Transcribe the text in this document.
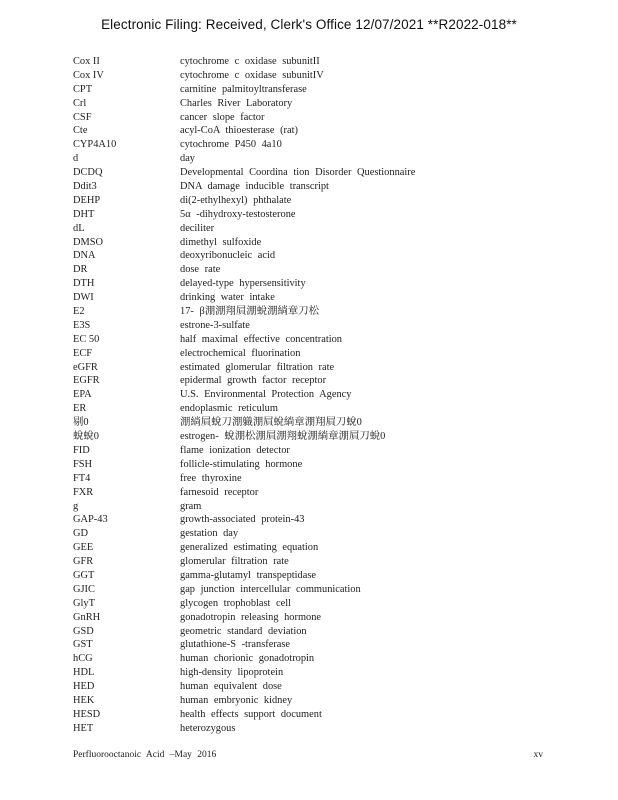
Electronic Filing: Received, Clerk's Office 12/07/2021 **R2022-018**
Cox II	cytochrome c oxidase subunitII
Cox IV	cytochrome c oxidase subunitIV
CPT	carnitine palmitoyltransferase
Crl	Charles River Laboratory
CSF	cancer slope factor
Cte	acyl-CoA thioesterase (rat)
CYP4A10	cytochrome P450 4a10
d	day
DCDQ	Developmental Coordina tion Disorder Questionnaire
Ddit3	DNA damage inducible transcript
DEHP	di(2-ethylhexyl) phthalate
DHT	5α -dihydroxy-testosterone
dL	deciliter
DMSO	dimethyl sulfoxide
DNA	deoxyribonucleic acid
DR	dose rate
DTH	delayed-type hypersensitivity
DWI	drinking water intake
E2	17- β淜淜翔屓淜蛻淜緔章刀松
E3S	estrone-3-sulfate
EC 50	half maximal effective concentration
ECF	electrochemical fluorination
eGFR	estimated glomerular filtration rate
EGFR	epidermal growth factor receptor
EPA	U.S. Environmental Protection Agency
ER	endoplasmic reticulum
剔0	淜緔屓蛻刀淜軄淜屓蛻緔章淜翔屓刀蛻0
蛻蛻0	estrogen- 蛻淜松淜屓淜翔蛻淜緔章淜屓刀蛻0
FID	flame ionization detector
FSH	follicle-stimulating hormone
FT4	free thyroxine
FXR	farnesoid receptor
g	gram
GAP-43	growth-associated protein-43
GD	gestation day
GEE	generalized estimating equation
GFR	glomerular filtration rate
GGT	gamma-glutamyl transpeptidase
GJIC	gap junction intercellular communication
GlyT	glycogen trophoblast cell
GnRH	gonadotropin releasing hormone
GSD	geometric standard deviation
GST	glutathione-S -transferase
hCG	human chorionic gonadotropin
HDL	high-density lipoprotein
HED	human equivalent dose
HEK	human embryonic kidney
HESD	health effects support document
HET	heterozygous
Perfluorooctanoic Acid –May 2016	xv
